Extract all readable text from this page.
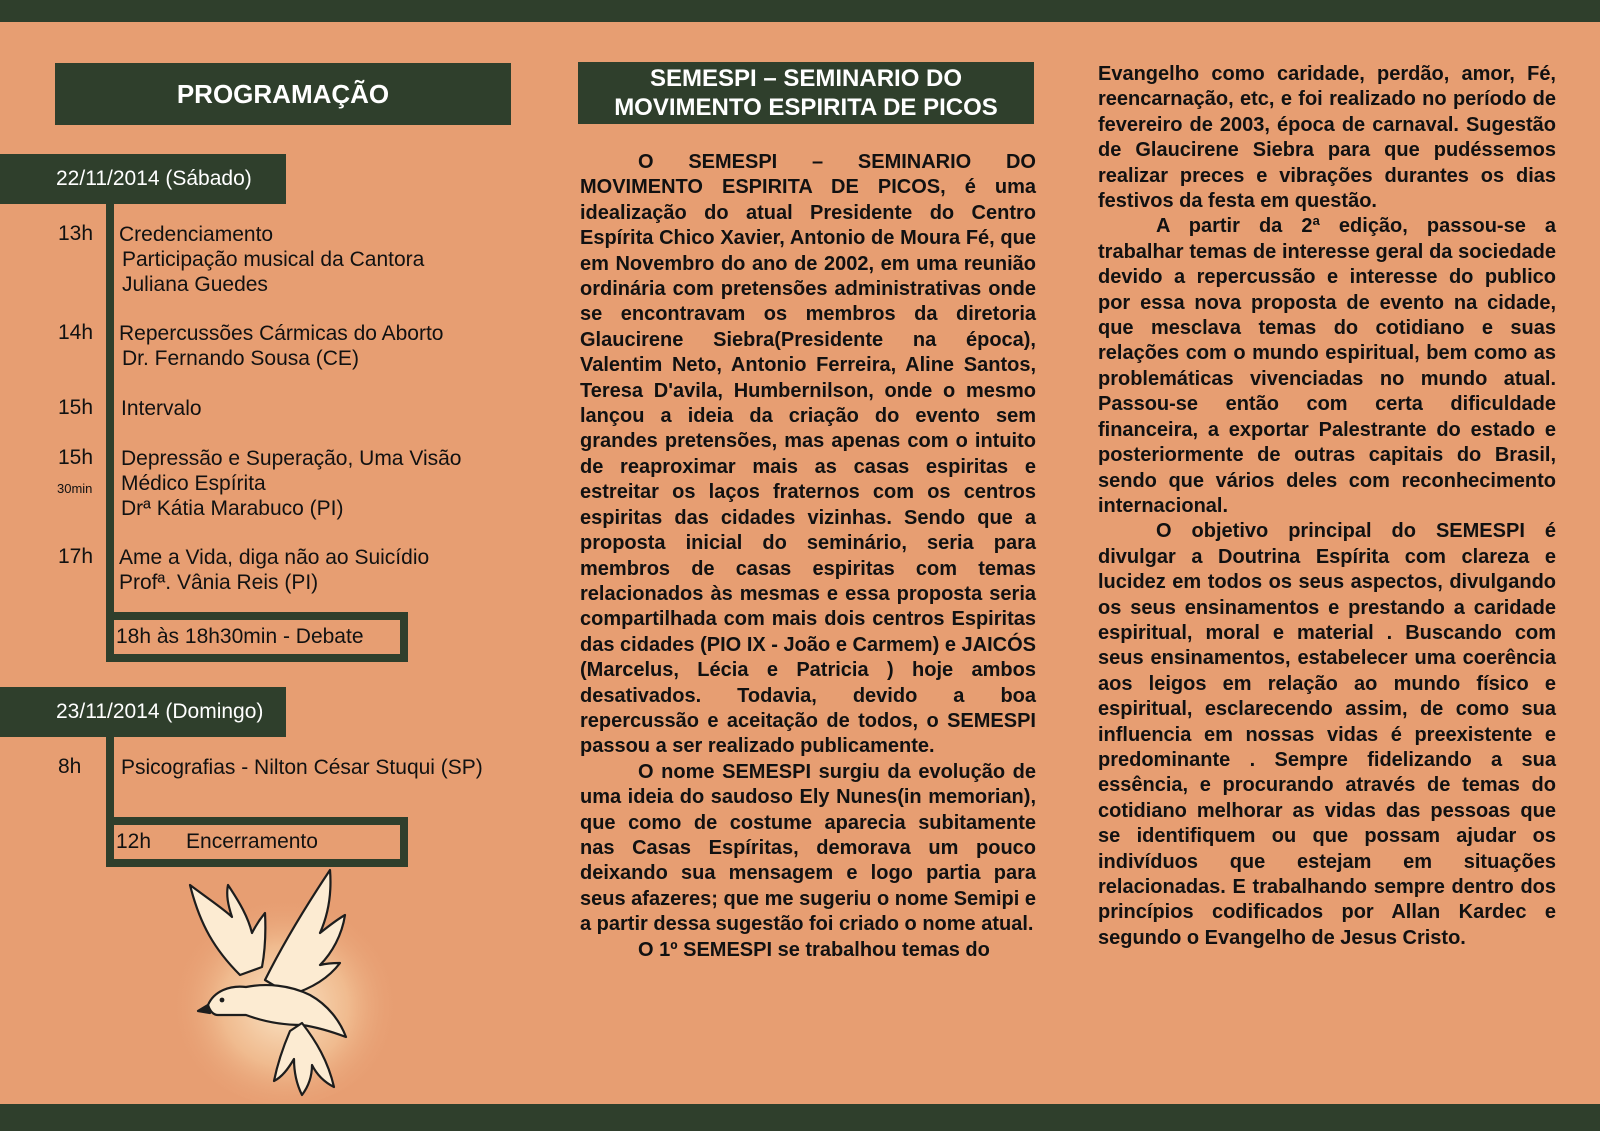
PROGRAMAÇÃO
22/11/2014 (Sábado)
13h Credenciamento
Participação musical da Cantora
Juliana Guedes
14h Repercussões Cármicas do Aborto
Dr. Fernando Sousa (CE)
15h Intervalo
15h
30min
Depressão e Superação, Uma Visão
Médico Espírita
Drª Kátia Marabuco (PI)
17h Ame a Vida, diga não ao Suicídio
Profª. Vânia Reis (PI)
18h às 18h30min - Debate
23/11/2014 (Domingo)
8h Psicografias - Nilton César Stuqui (SP)
12h      Encerramento
SEMESPI – SEMINARIO DO
MOVIMENTO ESPIRITA DE PICOS

O SEMESPI – SEMINARIO DO MOVIMENTO ESPIRITA DE PICOS, é uma idealização do atual Presidente do Centro Espírita Chico Xavier, Antonio de Moura Fé, que em Novembro do ano de 2002, em uma reunião ordinária com pretensões administrativas onde se encontravam os membros da diretoria Glaucirene Siebra(Presidente na época), Valentim Neto, Antonio Ferreira, Aline Santos, Teresa D'avila, Humbernilson, onde o mesmo lançou a ideia da criação do evento sem grandes pretensões, mas apenas com o intuito de reaproximar mais as casas espiritas e estreitar os laços fraternos com os centros espiritas das cidades vizinhas. Sendo que a proposta inicial do seminário, seria para membros de casas espiritas com temas relacionados às mesmas e essa proposta seria compartilhada com mais dois centros Espiritas das cidades (PIO IX - João e Carmem) e JAICÓS (Marcelus, Lécia e Patricia ) hoje ambos desativados. Todavia, devido a boa repercussão e aceitação de todos, o SEMESPI passou a ser realizado publicamente.

O nome SEMESPI surgiu da evolução de uma ideia do saudoso Ely Nunes(in memorian), que como de costume aparecia subitamente nas Casas Espíritas, demorava um pouco deixando sua mensagem e logo partia para seus afazeres; que me sugeriu o nome Semipi e a partir dessa sugestão foi criado o nome atual.

O 1º SEMESPI se trabalhou temas do

Evangelho como caridade, perdão, amor, Fé, reencarnação, etc, e foi realizado no período de fevereiro de 2003, época de carnaval. Sugestão de Glaucirene Siebra para que pudéssemos realizar preces e vibrações durantes os dias festivos da festa em questão.

A partir da 2ª edição, passou-se a trabalhar temas de interesse geral da sociedade devido a repercussão e interesse do publico por essa nova proposta de evento na cidade, que mesclava temas do cotidiano e suas relações com o mundo espiritual, bem como as problemáticas vivenciadas no mundo atual. Passou-se então com certa dificuldade financeira, a exportar Palestrante do estado e posteriormente de outras capitais do Brasil, sendo que vários deles com reconhecimento internacional.

O objetivo principal do SEMESPI é divulgar a Doutrina Espírita com clareza e lucidez em todos os seus aspectos, divulgando os seus ensinamentos e prestando a caridade espiritual, moral e material . Buscando com seus ensinamentos, estabelecer uma coerência aos leigos em relação ao mundo físico e espiritual, esclarecendo assim, de como sua influencia em nossas vidas é preexistente e predominante . Sempre fidelizando a sua essência, e procurando através de temas do cotidiano melhorar as vidas das pessoas que se identifiquem ou que possam ajudar os indivíduos que estejam em situações relacionadas. E trabalhando sempre dentro dos princípios codificados por Allan Kardec e segundo o Evangelho de Jesus Cristo.
